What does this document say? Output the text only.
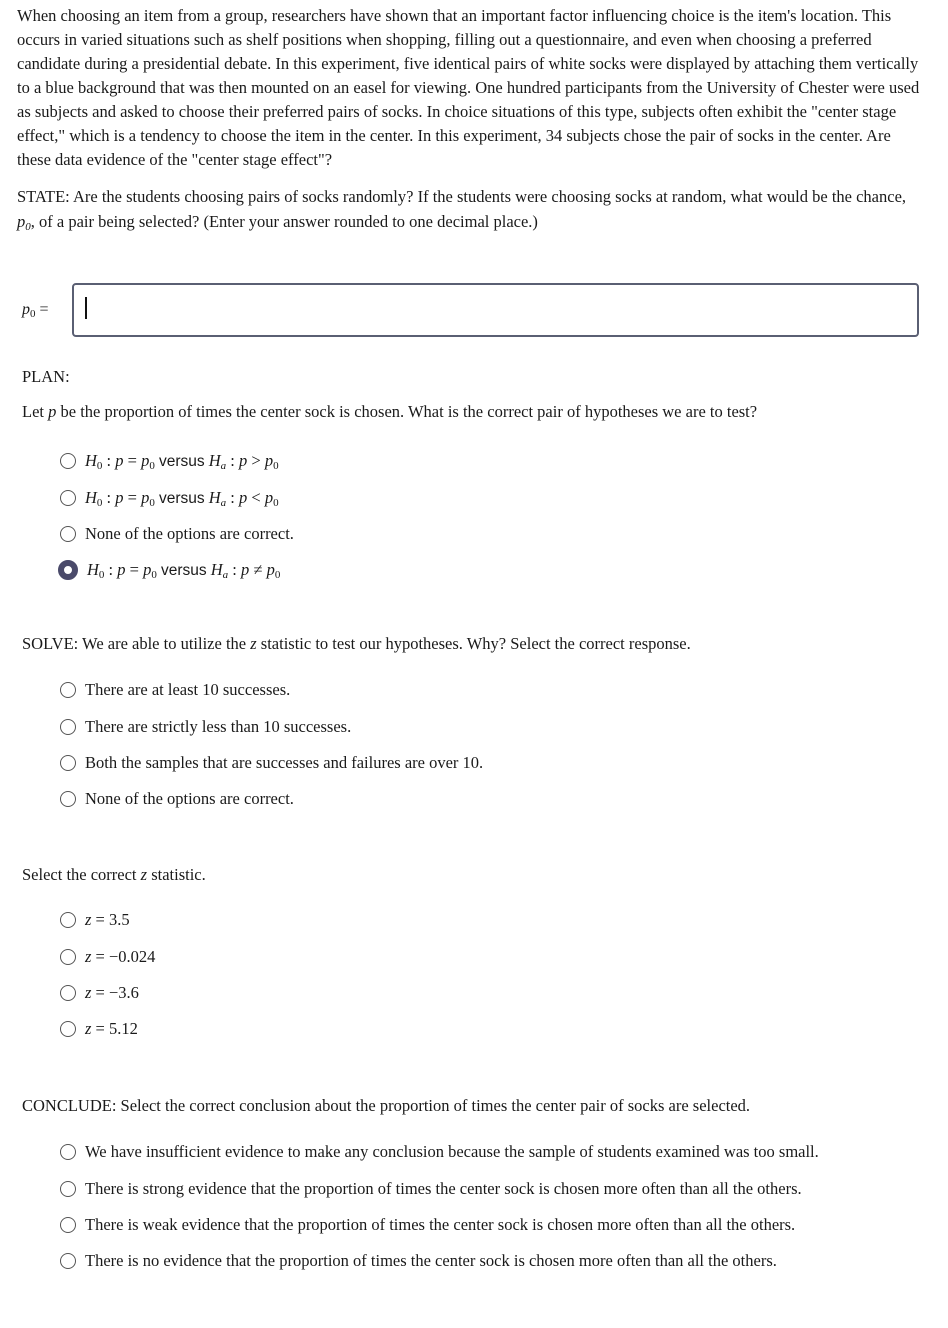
When choosing an item from a group, researchers have shown that an important factor influencing choice is the item's location. This occurs in varied situations such as shelf positions when shopping, filling out a questionnaire, and even when choosing a preferred candidate during a presidential debate. In this experiment, five identical pairs of white socks were displayed by attaching them vertically to a blue background that was then mounted on an easel for viewing. One hundred participants from the University of Chester were used as subjects and asked to choose their preferred pairs of socks. In choice situations of this type, subjects often exhibit the "center stage effect," which is a tendency to choose the item in the center. In this experiment, 34 subjects chose the pair of socks in the center. Are these data evidence of the "center stage effect"?

STATE: Are the students choosing pairs of socks randomly? If the students were choosing socks at random, what would be the chance, $p_0$, of a pair being selected? (Enter your answer rounded to one decimal place.)

$p_0$ =

PLAN:

Let p be the proportion of times the center sock is chosen. What is the correct pair of hypotheses we are to test?

$H_0$ : $p = p_0$ versus $H_a$ : $p > p_0$
$H_0$ : $p = p_0$ versus $H_a$ : $p < p_0$
None of the options are correct.
$H_0$ : $p = p_0$ versus $H_a$ : $p \ne p_0$

SOLVE: We are able to utilize the z statistic to test our hypotheses. Why? Select the correct response.

There are at least 10 successes.
There are strictly less than 10 successes.
Both the samples that are successes and failures are over 10.
None of the options are correct.

Select the correct z statistic.

z = 3.5
z = −0.024
z = −3.6
z = 5.12

CONCLUDE: Select the correct conclusion about the proportion of times the center pair of socks are selected.

We have insufficient evidence to make any conclusion because the sample of students examined was too small.
There is strong evidence that the proportion of times the center sock is chosen more often than all the others.
There is weak evidence that the proportion of times the center sock is chosen more often than all the others.
There is no evidence that the proportion of times the center sock is chosen more often than all the others.
